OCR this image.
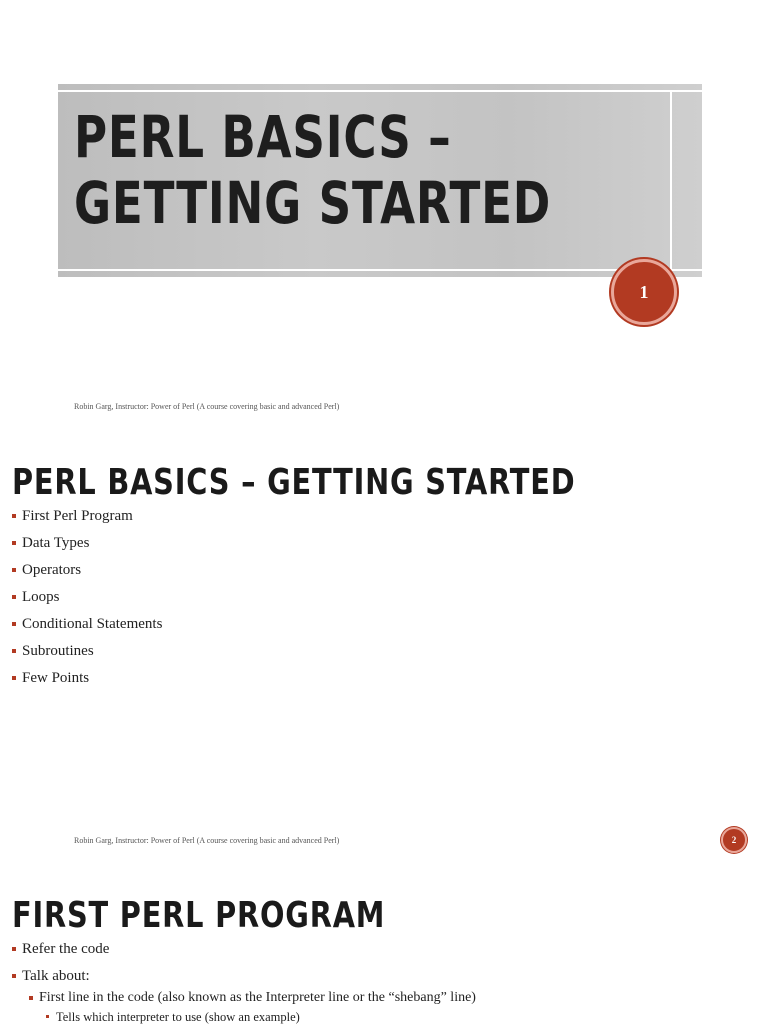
PERL BASICS –
GETTING STARTED
1
Robin Garg, Instructor: Power of Perl (A course covering basic and advanced Perl)
PERL BASICS – GETTING STARTED
First Perl Program
Data Types
Operators
Loops
Conditional Statements
Subroutines
Few Points
Robin Garg, Instructor: Power of Perl (A course covering basic and advanced Perl)	2
FIRST PERL PROGRAM
Refer the code
Talk about:
First line in the code (also known as the Interpreter line or the “shebang” line)
Tells which interpreter to use (show an example)
